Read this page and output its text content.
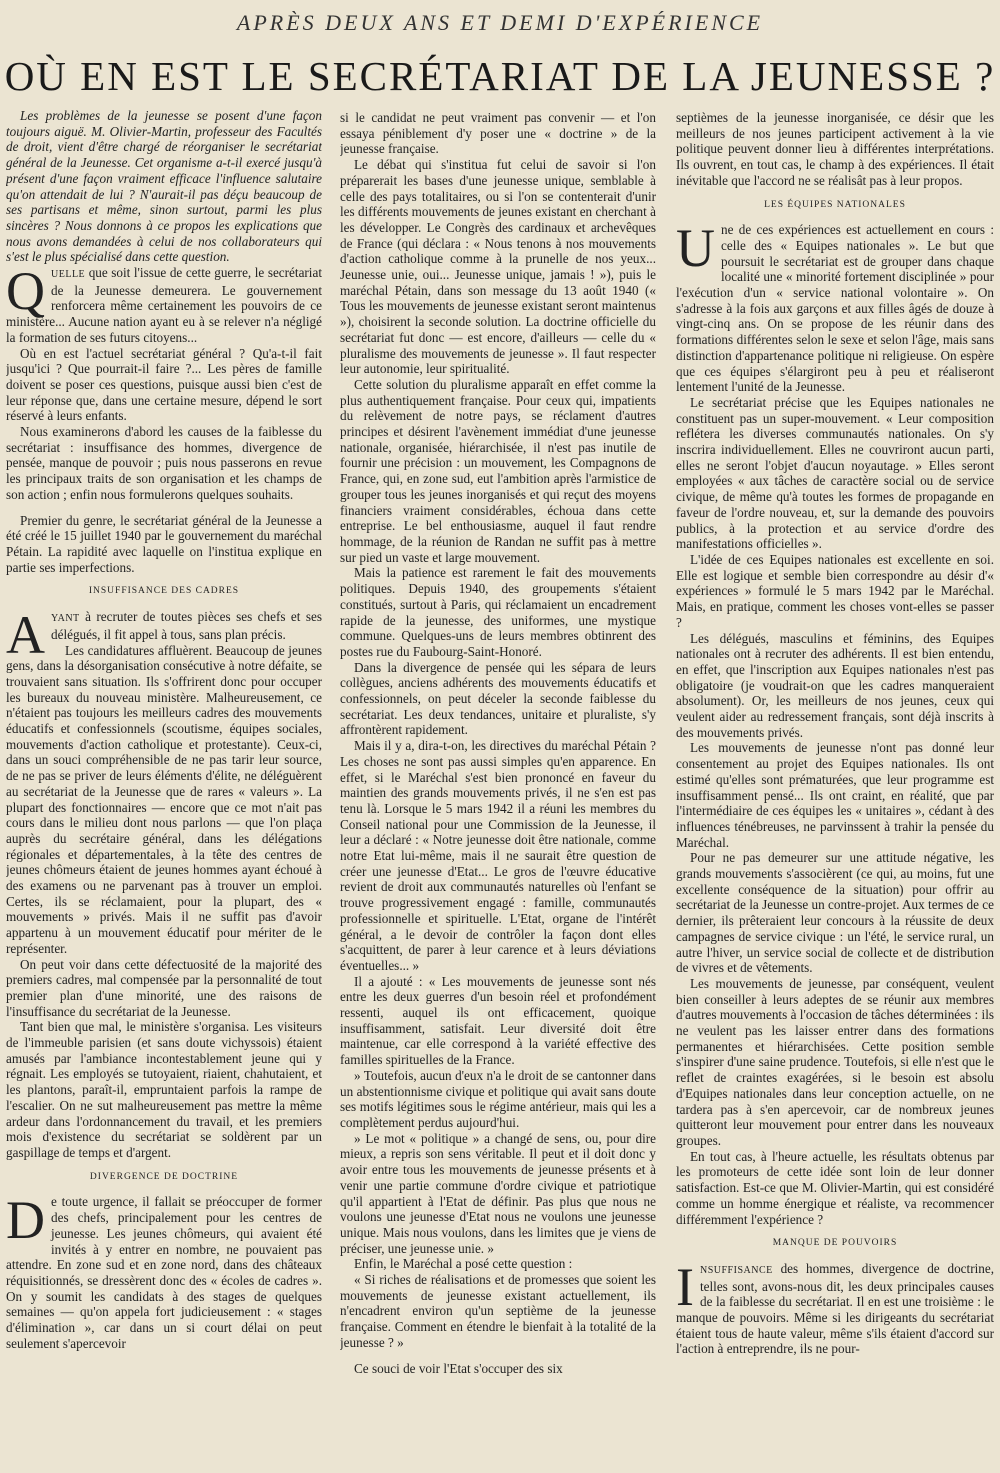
APRÈS DEUX ANS ET DEMI D'EXPÉRIENCE
OÙ EN EST LE SECRÉTARIAT DE LA JEUNESSE ?

Les problèmes de la jeunesse se posent d'une façon toujours aiguë. M. Olivier-Martin, professeur des Facultés de droit, vient d'être chargé de réorganiser le secrétariat général de la Jeunesse. Cet organisme a-t-il exercé jusqu'à présent d'une façon vraiment efficace l'influence salutaire qu'on attendait de lui ? N'aurait-il pas déçu beaucoup de ses partisans et même, sinon surtout, parmi les plus sincères ? Nous donnons à ce propos les explications que nous avons demandées à celui de nos collaborateurs qui s'est le plus spécialisé dans cette question.

QUELLE que soit l'issue de cette guerre, le secrétariat de la Jeunesse demeurera. Le gouvernement renforcera même certainement les pouvoirs de ce ministère... Aucune nation ayant eu à se relever n'a négligé la formation de ses futurs citoyens...

Où en est l'actuel secrétariat général ? Qu'a-t-il fait jusqu'ici ? Que pourrait-il faire ?... Les pères de famille doivent se poser ces questions, puisque aussi bien c'est de leur réponse que, dans une certaine mesure, dépend le sort réservé à leurs enfants.

Nous examinerons d'abord les causes de la faiblesse du secrétariat : insuffisance des hommes, divergence de pensée, manque de pouvoir ; puis nous passerons en revue les principaux traits de son organisation et les champs de son action ; enfin nous formulerons quelques souhaits.

Premier du genre, le secrétariat général de la Jeunesse a été créé le 15 juillet 1940 par le gouvernement du maréchal Pétain. La rapidité avec laquelle on l'institua explique en partie ses imperfections.

INSUFFISANCE DES CADRES

AYANT à recruter de toutes pièces ses chefs et ses délégués, il fit appel à tous, sans plan précis.

Les candidatures affluèrent. Beaucoup de jeunes gens, dans la désorganisation consécutive à notre défaite, se trouvaient sans situation. Ils s'offrirent donc pour occuper les bureaux du nouveau ministère. Malheureusement, ce n'étaient pas toujours les meilleurs cadres des mouvements éducatifs et confessionnels (scoutisme, équipes sociales, mouvements d'action catholique et protestante). Ceux-ci, dans un souci compréhensible de ne pas tarir leur source, de ne pas se priver de leurs éléments d'élite, ne déléguèrent au secrétariat de la Jeunesse que de rares « valeurs ». La plupart des fonctionnaires — encore que ce mot n'ait pas cours dans le milieu dont nous parlons — que l'on plaça auprès du secrétaire général, dans les délégations régionales et départementales, à la tête des centres de jeunes chômeurs étaient de jeunes hommes ayant échoué à des examens ou ne parvenant pas à trouver un emploi. Certes, ils se réclamaient, pour la plupart, des « mouvements » privés. Mais il ne suffit pas d'avoir appartenu à un mouvement éducatif pour mériter de le représenter.

On peut voir dans cette défectuosité de la majorité des premiers cadres, mal compensée par la personnalité de tout premier plan d'une minorité, une des raisons de l'insuffisance du secrétariat de la Jeunesse.

Tant bien que mal, le ministère s'organisa. Les visiteurs de l'immeuble parisien (et sans doute vichyssois) étaient amusés par l'ambiance incontestablement jeune qui y régnait. Les employés se tutoyaient, riaient, chahutaient, et les plantons, paraît-il, empruntaient parfois la rampe de l'escalier. On ne sut malheureusement pas mettre la même ardeur dans l'ordonnancement du travail, et les premiers mois d'existence du secrétariat se soldèrent par un gaspillage de temps et d'argent.

DIVERGENCE DE DOCTRINE

De toute urgence, il fallait se préoccuper de former des chefs, principalement pour les centres de jeunesse. Les jeunes chômeurs, qui avaient été invités à y entrer en nombre, ne pouvaient pas attendre. En zone sud et en zone nord, dans des châteaux réquisitionnés, se dressèrent donc des « écoles de cadres ». On y soumit les candidats à des stages de quelques semaines — qu'on appela fort judicieusement : « stages d'élimination », car dans un si court délai on peut seulement s'apercevoir

si le candidat ne peut vraiment pas convenir — et l'on essaya péniblement d'y poser une « doctrine » de la jeunesse française.

Le débat qui s'institua fut celui de savoir si l'on préparerait les bases d'une jeunesse unique, semblable à celle des pays totalitaires, ou si l'on se contenterait d'unir les différents mouvements de jeunes existant en cherchant à les développer. Le Congrès des cardinaux et archevêques de France (qui déclara : « Nous tenons à nos mouvements d'action catholique comme à la prunelle de nos yeux... Jeunesse unie, oui... Jeunesse unique, jamais ! »), puis le maréchal Pétain, dans son message du 13 août 1940 (« Tous les mouvements de jeunesse existant seront maintenus »), choisirent la seconde solution. La doctrine officielle du secrétariat fut donc — est encore, d'ailleurs — celle du « pluralisme des mouvements de jeunesse ». Il faut respecter leur autonomie, leur spiritualité.

Cette solution du pluralisme apparaît en effet comme la plus authentiquement française. Pour ceux qui, impatients du relèvement de notre pays, se réclament d'autres principes et désirent l'avènement immédiat d'une jeunesse nationale, organisée, hiérarchisée, il n'est pas inutile de fournir une précision : un mouvement, les Compagnons de France, qui, en zone sud, eut l'ambition après l'armistice de grouper tous les jeunes inorganisés et qui reçut des moyens financiers vraiment considérables, échoua dans cette entreprise. Le bel enthousiasme, auquel il faut rendre hommage, de la réunion de Randan ne suffit pas à mettre sur pied un vaste et large mouvement.

Mais la patience est rarement le fait des mouvements politiques. Depuis 1940, des groupements s'étaient constitués, surtout à Paris, qui réclamaient un encadrement rapide de la jeunesse, des uniformes, une mystique commune. Quelques-uns de leurs membres obtinrent des postes rue du Faubourg-Saint-Honoré.

Dans la divergence de pensée qui les sépara de leurs collègues, anciens adhérents des mouvements éducatifs et confessionnels, on peut déceler la seconde faiblesse du secrétariat. Les deux tendances, unitaire et pluraliste, s'y affrontèrent rapidement.

Mais il y a, dira-t-on, les directives du maréchal Pétain ? Les choses ne sont pas aussi simples qu'en apparence. En effet, si le Maréchal s'est bien prononcé en faveur du maintien des grands mouvements privés, il ne s'en est pas tenu là. Lorsque le 5 mars 1942 il a réuni les membres du Conseil national pour une Commission de la Jeunesse, il leur a déclaré : « Notre jeunesse doit être nationale, comme notre Etat lui-même, mais il ne saurait être question de créer une jeunesse d'Etat... Le gros de l'œuvre éducative revient de droit aux communautés naturelles où l'enfant se trouve progressivement engagé : famille, communautés professionnelle et spirituelle. L'Etat, organe de l'intérêt général, a le devoir de contrôler la façon dont elles s'acquittent, de parer à leur carence et à leurs déviations éventuelles... »

Il a ajouté : « Les mouvements de jeunesse sont nés entre les deux guerres d'un besoin réel et profondément ressenti, auquel ils ont efficacement, quoique insuffisamment, satisfait. Leur diversité doit être maintenue, car elle correspond à la variété effective des familles spirituelles de la France.

» Toutefois, aucun d'eux n'a le droit de se cantonner dans un abstentionnisme civique et politique qui avait sans doute ses motifs légitimes sous le régime antérieur, mais qui les a complètement perdus aujourd'hui.

» Le mot « politique » a changé de sens, ou, pour dire mieux, a repris son sens véritable. Il peut et il doit donc y avoir entre tous les mouvements de jeunesse présents et à venir une partie commune d'ordre civique et patriotique qu'il appartient à l'Etat de définir. Pas plus que nous ne voulons une jeunesse d'Etat nous ne voulons une jeunesse unique. Mais nous voulons, dans les limites que je viens de préciser, une jeunesse unie. »

Enfin, le Maréchal a posé cette question :

« Si riches de réalisations et de promesses que soient les mouvements de jeunesse existant actuellement, ils n'encadrent environ qu'un septième de la jeunesse française. Comment en étendre le bienfait à la totalité de la jeunesse ? »

Ce souci de voir l'Etat s'occuper des six

septièmes de la jeunesse inorganisée, ce désir que les meilleurs de nos jeunes participent activement à la vie politique peuvent donner lieu à différentes interprétations. Ils ouvrent, en tout cas, le champ à des expériences. Il était inévitable que l'accord ne se réalisât pas à leur propos.

LES ÉQUIPES NATIONALES

Une de ces expériences est actuellement en cours : celle des « Equipes nationales ». Le but que poursuit le secrétariat est de grouper dans chaque localité une « minorité fortement disciplinée » pour l'exécution d'un « service national volontaire ». On s'adresse à la fois aux garçons et aux filles âgés de douze à vingt-cinq ans. On se propose de les réunir dans des formations différentes selon le sexe et selon l'âge, mais sans distinction d'appartenance politique ni religieuse. On espère que ces équipes s'élargiront peu à peu et réaliseront lentement l'unité de la Jeunesse.

Le secrétariat précise que les Equipes nationales ne constituent pas un super-mouvement. « Leur composition reflétera les diverses communautés nationales. On s'y inscrira individuellement. Elles ne couvriront aucun parti, elles ne seront l'objet d'aucun noyautage. » Elles seront employées « aux tâches de caractère social ou de service civique, de même qu'à toutes les formes de propagande en faveur de l'ordre nouveau, et, sur la demande des pouvoirs publics, à la protection et au service d'ordre des manifestations officielles ».

L'idée de ces Equipes nationales est excellente en soi. Elle est logique et semble bien correspondre au désir d'« expériences » formulé le 5 mars 1942 par le Maréchal. Mais, en pratique, comment les choses vont-elles se passer ?

Les délégués, masculins et féminins, des Equipes nationales ont à recruter des adhérents. Il est bien entendu, en effet, que l'inscription aux Equipes nationales n'est pas obligatoire (je voudrait-on que les cadres manqueraient absolument). Or, les meilleurs de nos jeunes, ceux qui veulent aider au redressement français, sont déjà inscrits à des mouvements privés.

Les mouvements de jeunesse n'ont pas donné leur consentement au projet des Equipes nationales. Ils ont estimé qu'elles sont prématurées, que leur programme est insuffisamment pensé... Ils ont craint, en réalité, que par l'intermédiaire de ces équipes les « unitaires », cédant à des influences ténébreuses, ne parvinssent à trahir la pensée du Maréchal.

Pour ne pas demeurer sur une attitude négative, les grands mouvements s'associèrent (ce qui, au moins, fut une excellente conséquence de la situation) pour offrir au secrétariat de la Jeunesse un contre-projet. Aux termes de ce dernier, ils prêteraient leur concours à la réussite de deux campagnes de service civique : un l'été, le service rural, un autre l'hiver, un service social de collecte et de distribution de vivres et de vêtements.

Les mouvements de jeunesse, par conséquent, veulent bien conseiller à leurs adeptes de se réunir aux membres d'autres mouvements à l'occasion de tâches déterminées : ils ne veulent pas les laisser entrer dans des formations permanentes et hiérarchisées. Cette position semble s'inspirer d'une saine prudence. Toutefois, si elle n'est que le reflet de craintes exagérées, si le besoin est absolu d'Equipes nationales dans leur conception actuelle, on ne tardera pas à s'en apercevoir, car de nombreux jeunes quitteront leur mouvement pour entrer dans les nouveaux groupes.

En tout cas, à l'heure actuelle, les résultats obtenus par les promoteurs de cette idée sont loin de leur donner satisfaction. Est-ce que M. Olivier-Martin, qui est considéré comme un homme énergique et réaliste, va recommencer différemment l'expérience ?

MANQUE DE POUVOIRS

INSUFFISANCE des hommes, divergence de doctrine, telles sont, avons-nous dit, les deux principales causes de la faiblesse du secrétariat. Il en est une troisième : le manque de pouvoirs. Même si les dirigeants du secrétariat étaient tous de haute valeur, même s'ils étaient d'accord sur l'action à entreprendre, ils ne pour-
